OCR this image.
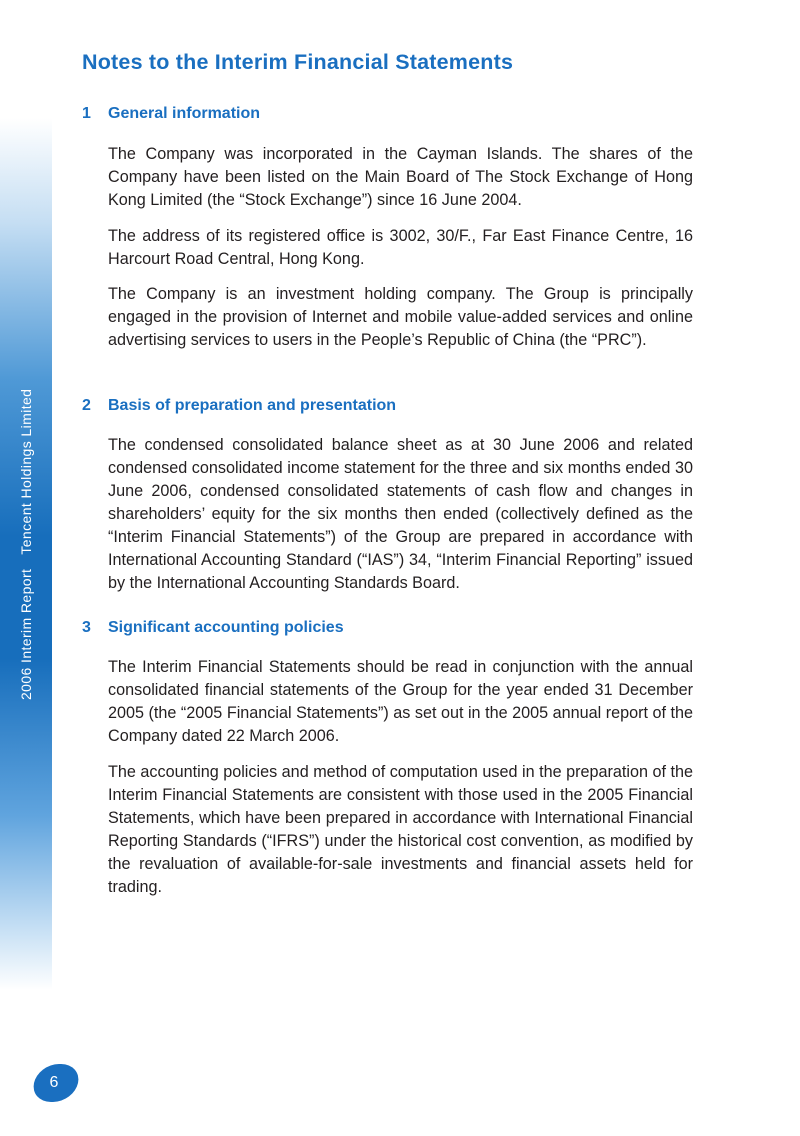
2006 Interim ReportTencent Holdings Limited
Notes to the Interim Financial Statements
1 General information

The Company was incorporated in the Cayman Islands. The shares of the Company have been listed on the Main Board of The Stock Exchange of Hong Kong Limited (the “Stock Exchange”) since 16 June 2004.

The address of its registered office is 3002, 30/F., Far East Finance Centre, 16 Harcourt Road Central, Hong Kong.

The Company is an investment holding company. The Group is principally engaged in the provision of Internet and mobile value-added services and online advertising services to users in the People’s Republic of China (the “PRC”).

2 Basis of preparation and presentation

The condensed consolidated balance sheet as at 30 June 2006 and related condensed consolidated income statement for the three and six months ended 30 June 2006, condensed consolidated statements of cash flow and changes in shareholders’ equity for the six months then ended (collectively defined as the “Interim Financial Statements”) of the Group are prepared in accordance with International Accounting Standard (“IAS”) 34, “Interim Financial Reporting” issued by the International Accounting Standards Board.

3 Significant accounting policies

The Interim Financial Statements should be read in conjunction with the annual consolidated financial statements of the Group for the year ended 31 December 2005 (the “2005 Financial Statements”) as set out in the 2005 annual report of the Company dated 22 March 2006.

The accounting policies and method of computation used in the preparation of the Interim Financial Statements are consistent with those used in the 2005 Financial Statements, which have been prepared in accordance with International Financial Reporting Standards (“IFRS”) under the historical cost convention, as modified by the revaluation of available-for-sale investments and financial assets held for trading.

6
